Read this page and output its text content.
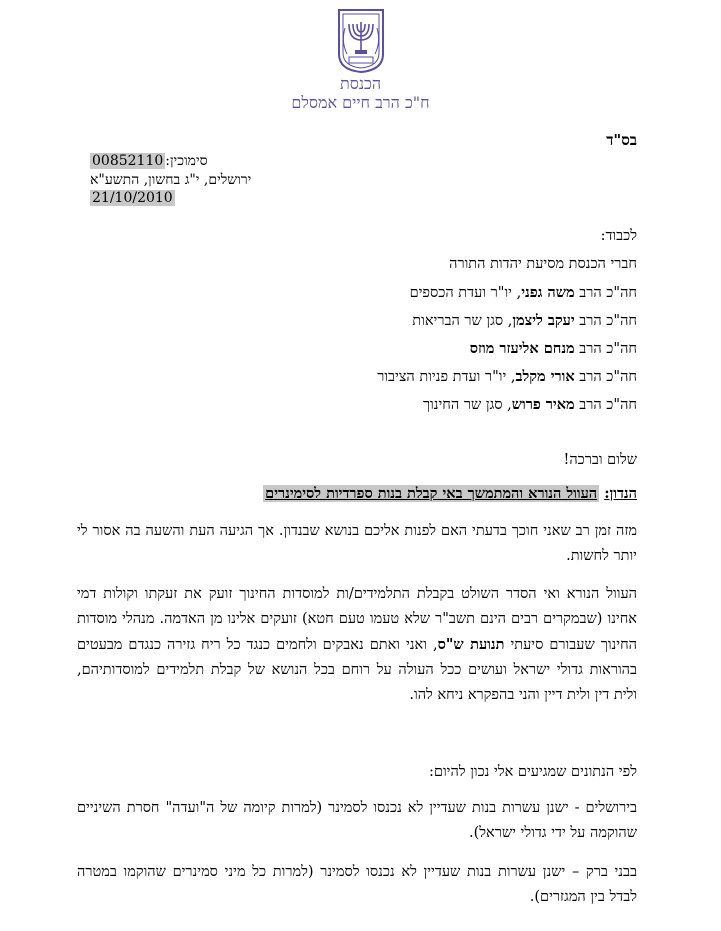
הכנסת
ח"כ הרב חיים אמסלם
בס"ד
סימוכין:00852110
ירושלים, י"ג בחשון, התשע"א
21/10/2010
לכבוד:
חברי הכנסת מסיעת יהדות התורה
חה"כ הרב משה גפני, יו"ר ועדת הכספים
חה"כ הרב יעקב ליצמן, סגן שר הבריאות
חה"כ הרב מנחם אליעזר מוזס
חה"כ הרב אורי מקלב, יו"ר ועדת פניות הציבור
חה"כ הרב מאיר פרוש, סגן שר החינוך
שלום וברכה!
הנדון: העוול הנורא והמתמשך באי קבלת בנות ספרדיות לסימינרים
מזה זמן רב שאני חוכך בדעתי האם לפנות אליכם בנושא שבנדון. אך הגיעה העת והשעה בה אסור לי יותר לחשות.
העוול הנורא ואי הסדר השולט בקבלת התלמידים/ות למוסדות החינוך זועק את זעקתו וקולות דמי אחינו (שבמקרים רבים הינם תשב"ר שלא טעמו טעם חטא) זועקים אלינו מן האדמה. מנהלי מוסדות החינוך שעבורם סיעתי תנועת ש"ס, ואני ואתם נאבקים ולחמים כנגד כל ריח גזירה כנגדם מבעטים בהוראות גדולי ישראל ועושים ככל העולה על רוחם בכל הנושא של קבלת תלמידים למוסדותיהם, ולית דין ולית דיין והני בהפקרא ניחא להו.
לפי הנתונים שמגיעים אלי נכון להיום:
בירושלים - ישנן עשרות בנות שעדיין לא נכנסו לסמינר (למרות קיומה של ה"ועדה" חסרת השיניים שהוקמה על ידי גדולי ישראל).
בבני ברק – ישנן עשרות בנות שעדיין לא נכנסו לסמינר (למרות כל מיני סמינרים שהוקמו במטרה לבדל בין המגזרים).
